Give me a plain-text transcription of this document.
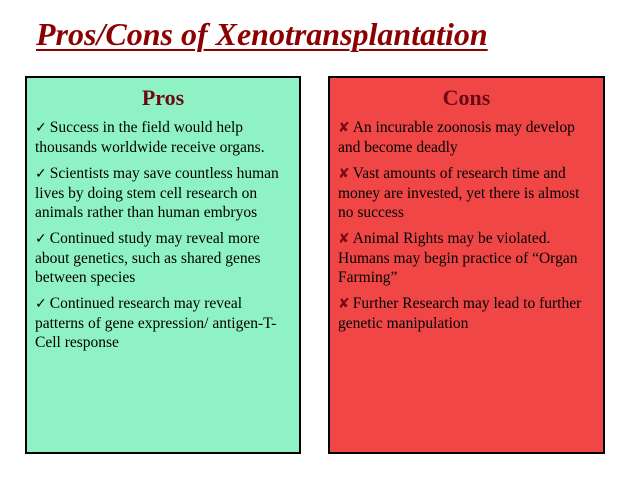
Pros/Cons of Xenotransplantation
Pros
✓ Success in the field would help thousands worldwide receive organs.
✓ Scientists may save countless human lives by doing stem cell research on animals rather than human embryos
✓ Continued study may reveal more about genetics, such as shared genes between species
✓ Continued research may reveal patterns of gene expression/ antigen-T-Cell response
Cons
✘ An incurable zoonosis may develop and become deadly
✘ Vast amounts of research time and money are invested, yet there is almost no success
✘ Animal Rights may be violated. Humans may begin practice of “Organ Farming”
✘ Further Research may lead to further genetic manipulation
